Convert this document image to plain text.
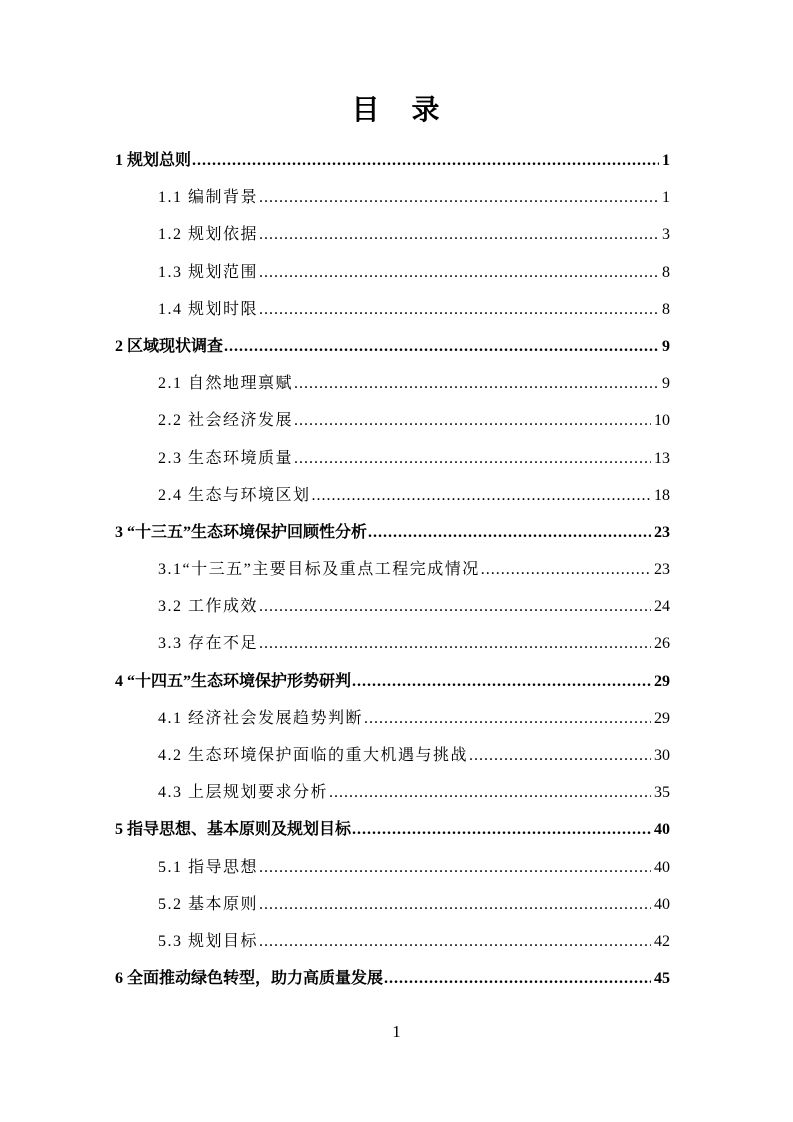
目　录
1 规划总则 .....	1
1.1 编制背景 .....	1
1.2 规划依据 .....	3
1.3 规划范围 .....	8
1.4 规划时限 .....	8
2 区域现状调查 .....	9
2.1 自然地理禀赋 .....	9
2.2 社会经济发展 .....	10
2.3 生态环境质量 .....	13
2.4 生态与环境区划 .....	18
3 “十三五”生态环境保护回顾性分析 .....	23
3.1“十三五”主要目标及重点工程完成情况 .....	23
3.2 工作成效 .....	24
3.3 存在不足 .....	26
4 “十四五”生态环境保护形势研判 .....	29
4.1 经济社会发展趋势判断 .....	29
4.2 生态环境保护面临的重大机遇与挑战 .....	30
4.3 上层规划要求分析 .....	35
5 指导思想、基本原则及规划目标 .....	40
5.1 指导思想 .....	40
5.2 基本原则 .....	40
5.3 规划目标 .....	42
6 全面推动绿色转型，助力高质量发展 .....	45
1
